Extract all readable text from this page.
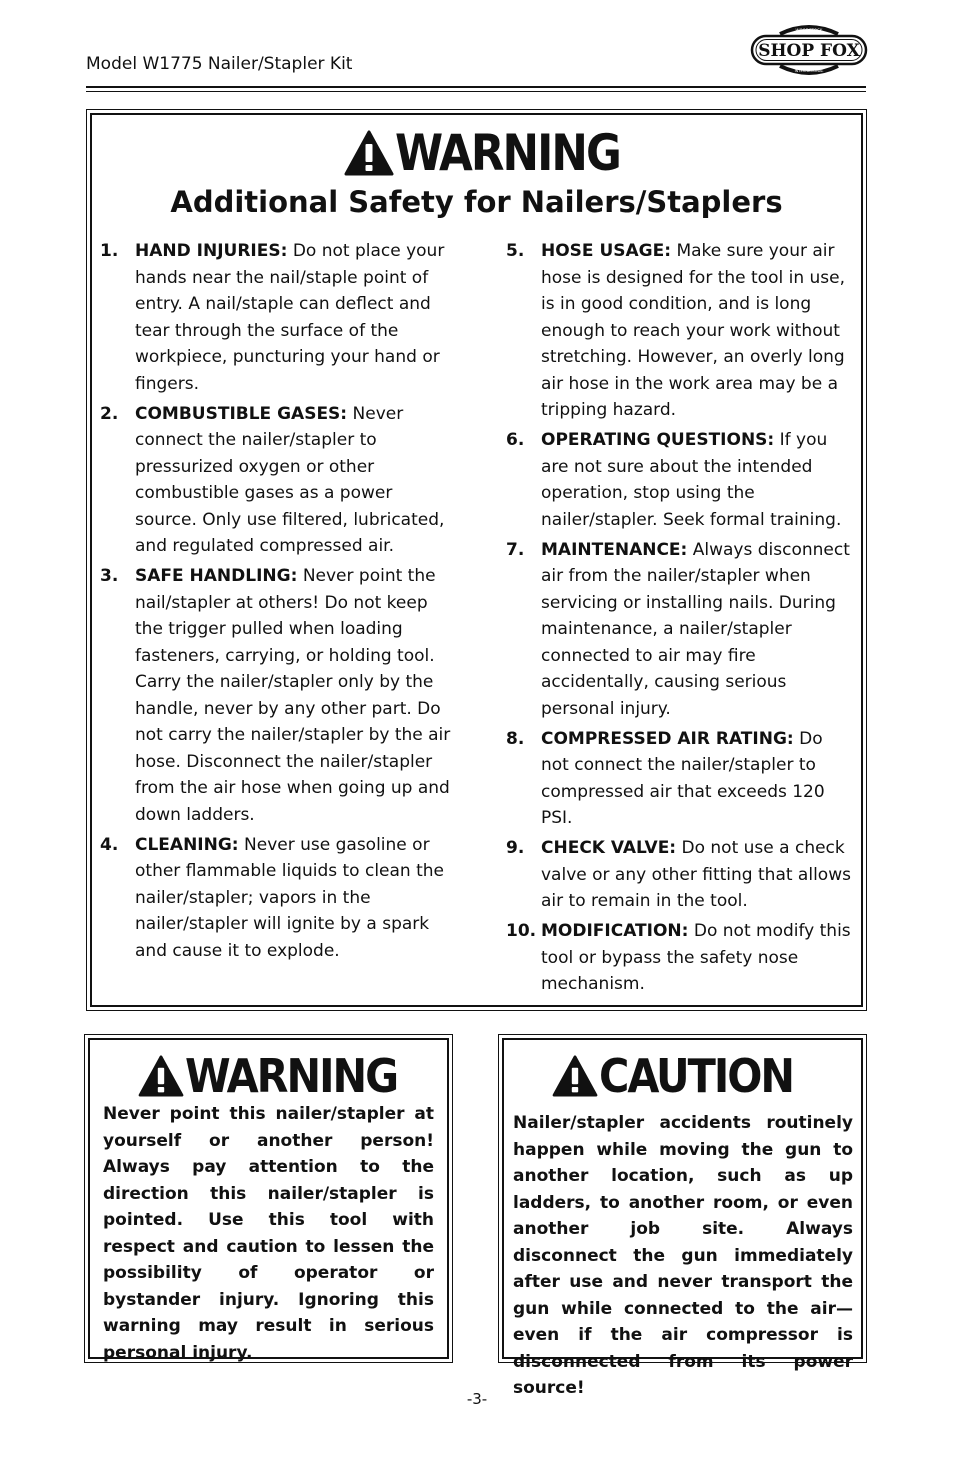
Model W1775 Nailer/Stapler Kit
SHOP FOX
WOODSTOCK
INTERNATIONAL
WARNING
Additional Safety for Nailers/Staplers
1. HAND INJURIES: Do not place your hands near the nail/staple point of entry. A nail/staple can deflect and tear through the surface of the workpiece, puncturing your hand or fingers.
2. COMBUSTIBLE GASES: Never connect the nailer/stapler to pressurized oxygen or other combustible gases as a power source. Only use filtered, lubricated, and regulated compressed air.
3. SAFE HANDLING: Never point the nail/stapler at others! Do not keep the trigger pulled when loading fasteners, carrying, or holding tool. Carry the nailer/stapler only by the handle, never by any other part. Do not carry the nailer/stapler by the air hose. Disconnect the nailer/stapler from the air hose when going up and down ladders.
4. CLEANING: Never use gasoline or other flammable liquids to clean the nailer/stapler; vapors in the nailer/stapler will ignite by a spark and cause it to explode.
5. HOSE USAGE: Make sure your air hose is designed for the tool in use, is in good condition, and is long enough to reach your work without stretching. However, an overly long air hose in the work area may be a tripping hazard.
6. OPERATING QUESTIONS: If you are not sure about the intended operation, stop using the nailer/stapler. Seek formal training.
7. MAINTENANCE: Always disconnect air from the nailer/stapler when servicing or installing nails. During maintenance, a nailer/stapler connected to air may fire accidentally, causing serious personal injury.
8. COMPRESSED AIR RATING: Do not connect the nailer/stapler to compressed air that exceeds 120 PSI.
9. CHECK VALVE: Do not use a check valve or any other fitting that allows air to remain in the tool.
10. MODIFICATION: Do not modify this tool or bypass the safety nose mechanism.
WARNING
Never point this nailer/stapler at yourself or another person! Always pay attention to the direction this nailer/stapler is pointed. Use this tool with respect and caution to lessen the possibility of operator or bystander injury. Ignoring this warning may result in serious personal injury.
CAUTION
Nailer/stapler accidents routinely happen while moving the gun to another location, such as up ladders, to another room, or even another job site. Always disconnect the gun immediately after use and never transport the gun while connected to the air—even if the air compressor is disconnected from its power source!
-3-
